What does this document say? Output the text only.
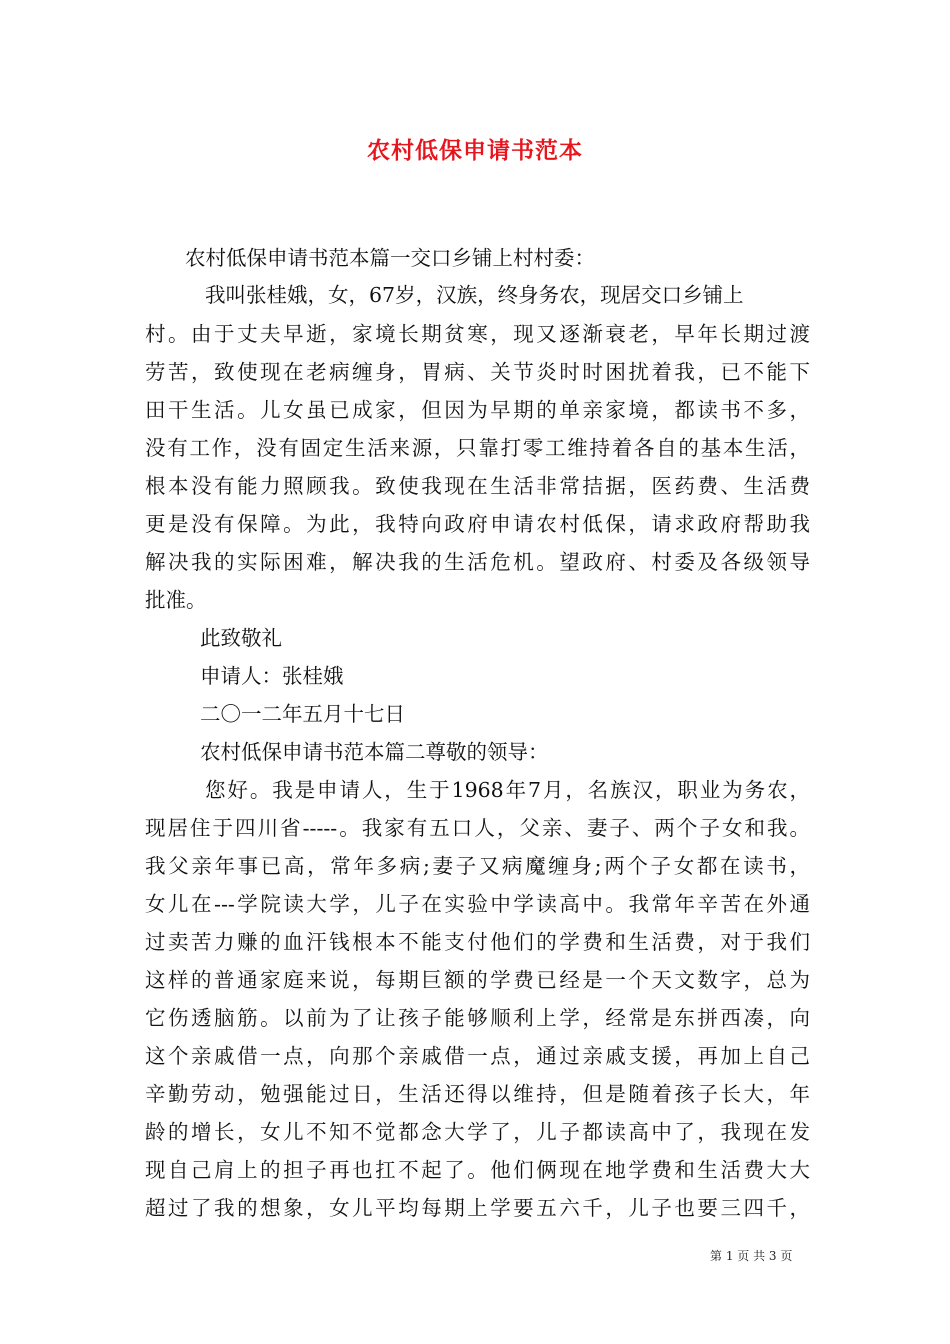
农村低保申请书范本
农村低保申请书范本篇一交口乡铺上村村委：
我叫张桂娥，女，67岁，汉族，终身务农，现居交口乡铺上
村。由于丈夫早逝，家境长期贫寒，现又逐渐衰老，早年长期过渡
劳苦，致使现在老病缠身，胃病、关节炎时时困扰着我，已不能下
田干生活。儿女虽已成家，但因为早期的单亲家境，都读书不多，
没有工作，没有固定生活来源，只靠打零工维持着各自的基本生活，
根本没有能力照顾我。致使我现在生活非常拮据，医药费、生活费
更是没有保障。为此，我特向政府申请农村低保，请求政府帮助我
解决我的实际困难，解决我的生活危机。望政府、村委及各级领导
批准。
此致敬礼
申请人：张桂娥
二〇一二年五月十七日
农村低保申请书范本篇二尊敬的领导：
您好。我是申请人，生于1968年7月，名族汉，职业为务农，
现居住于四川省-----。我家有五口人，父亲、妻子、两个子女和我。
我父亲年事已高，常年多病;妻子又病魔缠身;两个子女都在读书，
女儿在---学院读大学，儿子在实验中学读高中。我常年辛苦在外通
过卖苦力赚的血汗钱根本不能支付他们的学费和生活费，对于我们
这样的普通家庭来说，每期巨额的学费已经是一个天文数字，总为
它伤透脑筋。以前为了让孩子能够顺利上学，经常是东拼西凑，向
这个亲戚借一点，向那个亲戚借一点，通过亲戚支援，再加上自己
辛勤劳动，勉强能过日，生活还得以维持，但是随着孩子长大，年
龄的增长，女儿不知不觉都念大学了，儿子都读高中了，我现在发
现自己肩上的担子再也扛不起了。他们俩现在地学费和生活费大大
超过了我的想象，女儿平均每期上学要五六千，儿子也要三四千，
第 1 页 共 3 页
